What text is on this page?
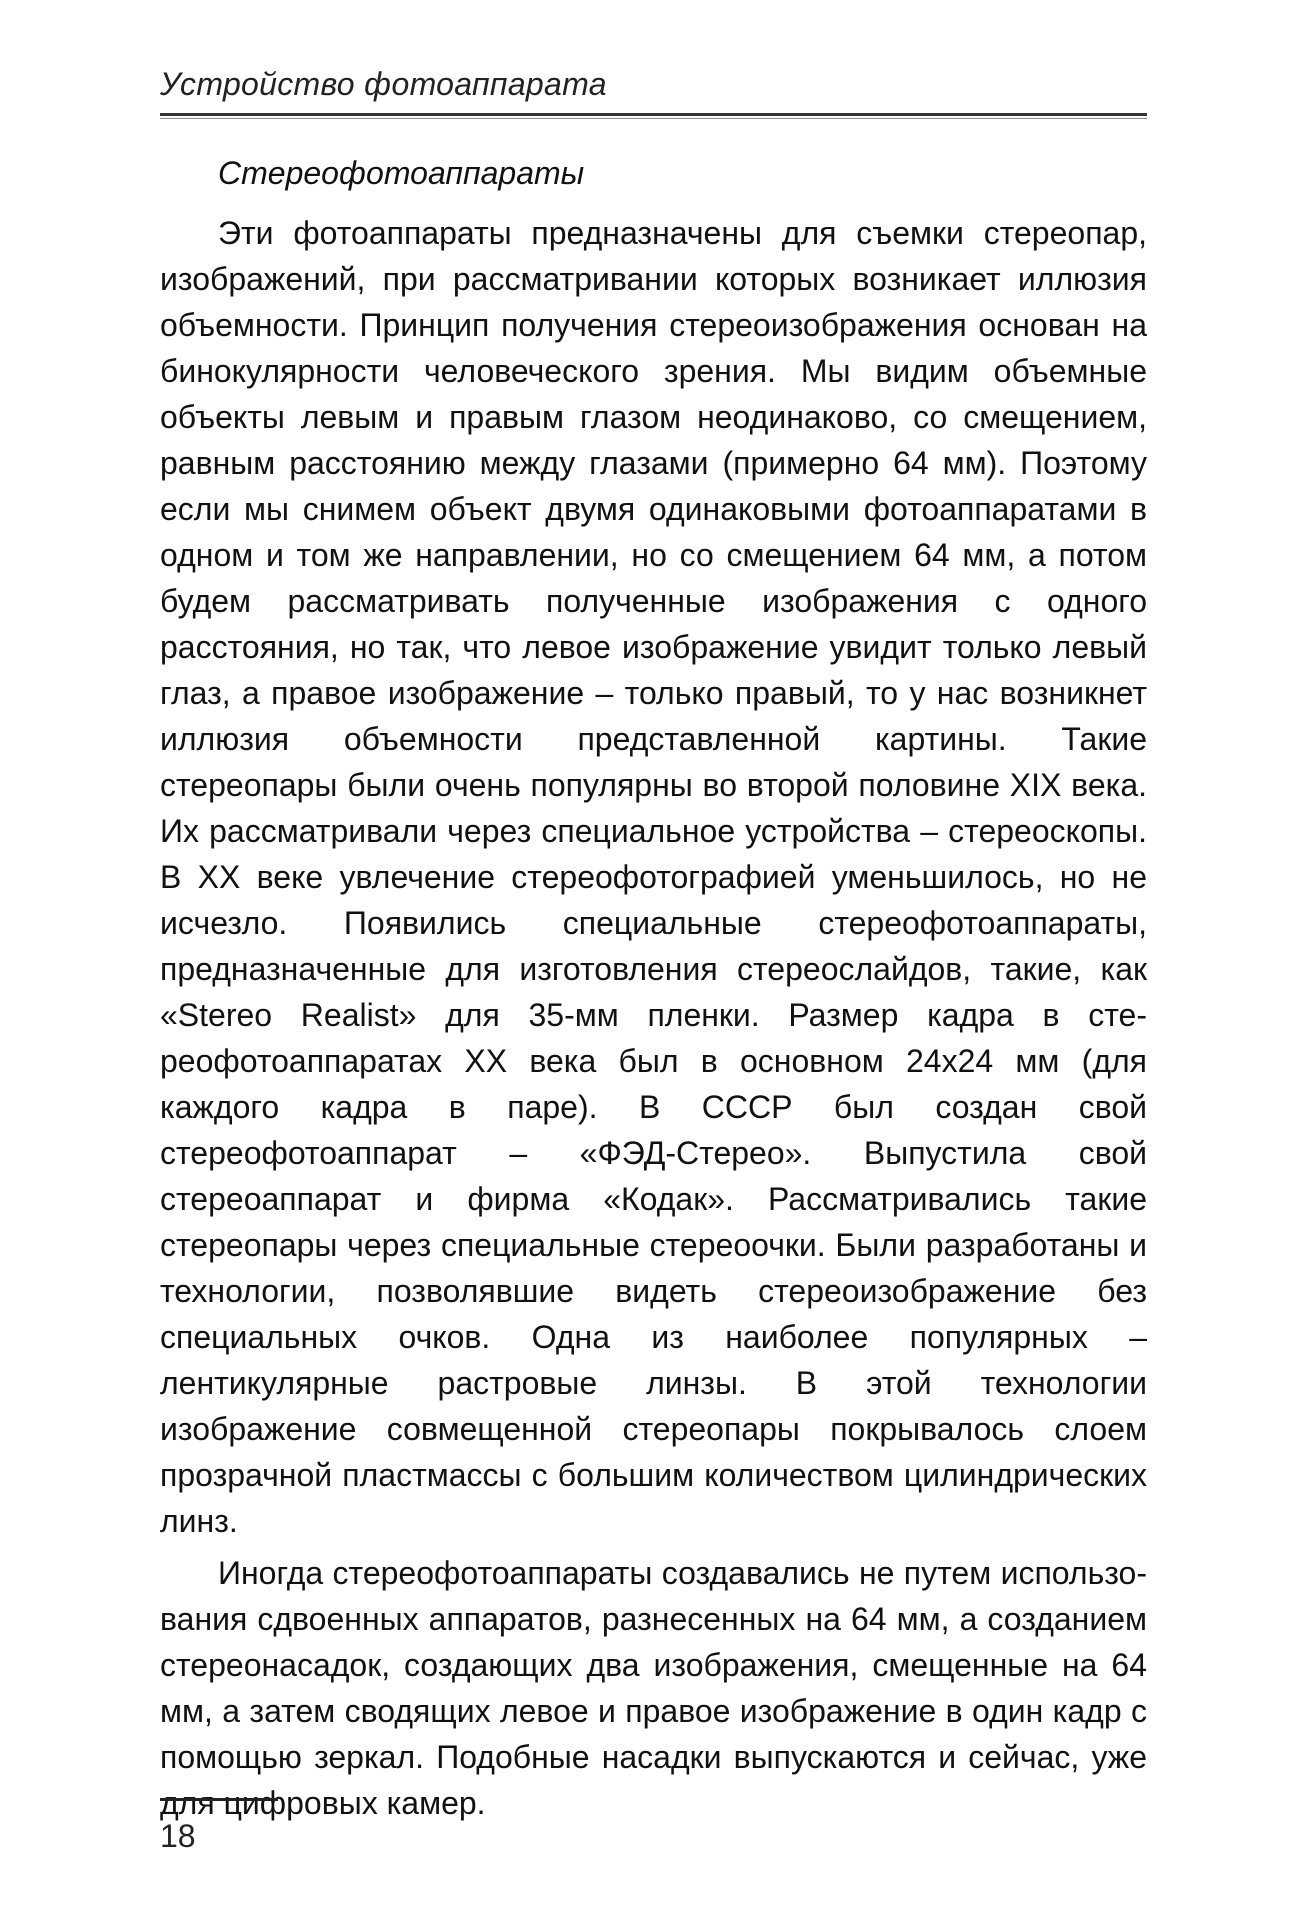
Устройство фотоаппарата
Стереофотоаппараты

Эти фотоаппараты предназначены для съемки стереопар, изображений, при рассматривании которых возникает иллюзия объемности. Принцип получения стереоизображения основан на бинокулярности человеческого зрения. Мы видим объемные объекты левым и правым глазом неодинаково, со смещением, равным расстоянию между глазами (примерно 64 мм). Поэтому если мы снимем объект двумя одинаковыми фотоаппаратами в одном и том же направлении, но со смещением 64 мм, а потом будем рассматривать полученные изображения с одного расстояния, но так, что левое изображение увидит только левый глаз, а правое изображение – только правый, то у нас возникнет иллюзия объемности представленной картины. Такие стереопары были очень популярны во второй половине XIX века. Их рассматривали через специальное устройства – стереоскопы. В XX веке увлечение стереофотографией уменьшилось, но не исчезло. Появились специальные стереофотоаппараты, предназначенные для изготовления стереослайдов, такие, как «Stereo Realist» для 35-мм пленки. Размер кадра в стереофотоаппаратах XX века был в основном 24x24 мм (для каждого кадра в паре). В СССР был создан свой стереофотоаппарат – «ФЭД-Стерео». Выпустила свой стереоаппарат и фирма «Кодак». Рассматривались такие стереопары через специальные стереоочки. Были разработаны и технологии, позволявшие видеть стереоизображение без специальных очков. Одна из наиболее популярных – лентикулярные растровые линзы. В этой технологии изображение совмещенной стереопары покрывалось слоем прозрачной пластмассы с большим количеством цилиндрических линз.

Иногда стереофотоаппараты создавались не путем использования сдвоенных аппаратов, разнесенных на 64 мм, а созданием стереонасадок, создающих два изображения, смещенные на 64 мм, а затем сводящих левое и правое изображение в один кадр с помощью зеркал. Подобные насадки выпускаются и сейчас, уже для цифровых камер.

18
